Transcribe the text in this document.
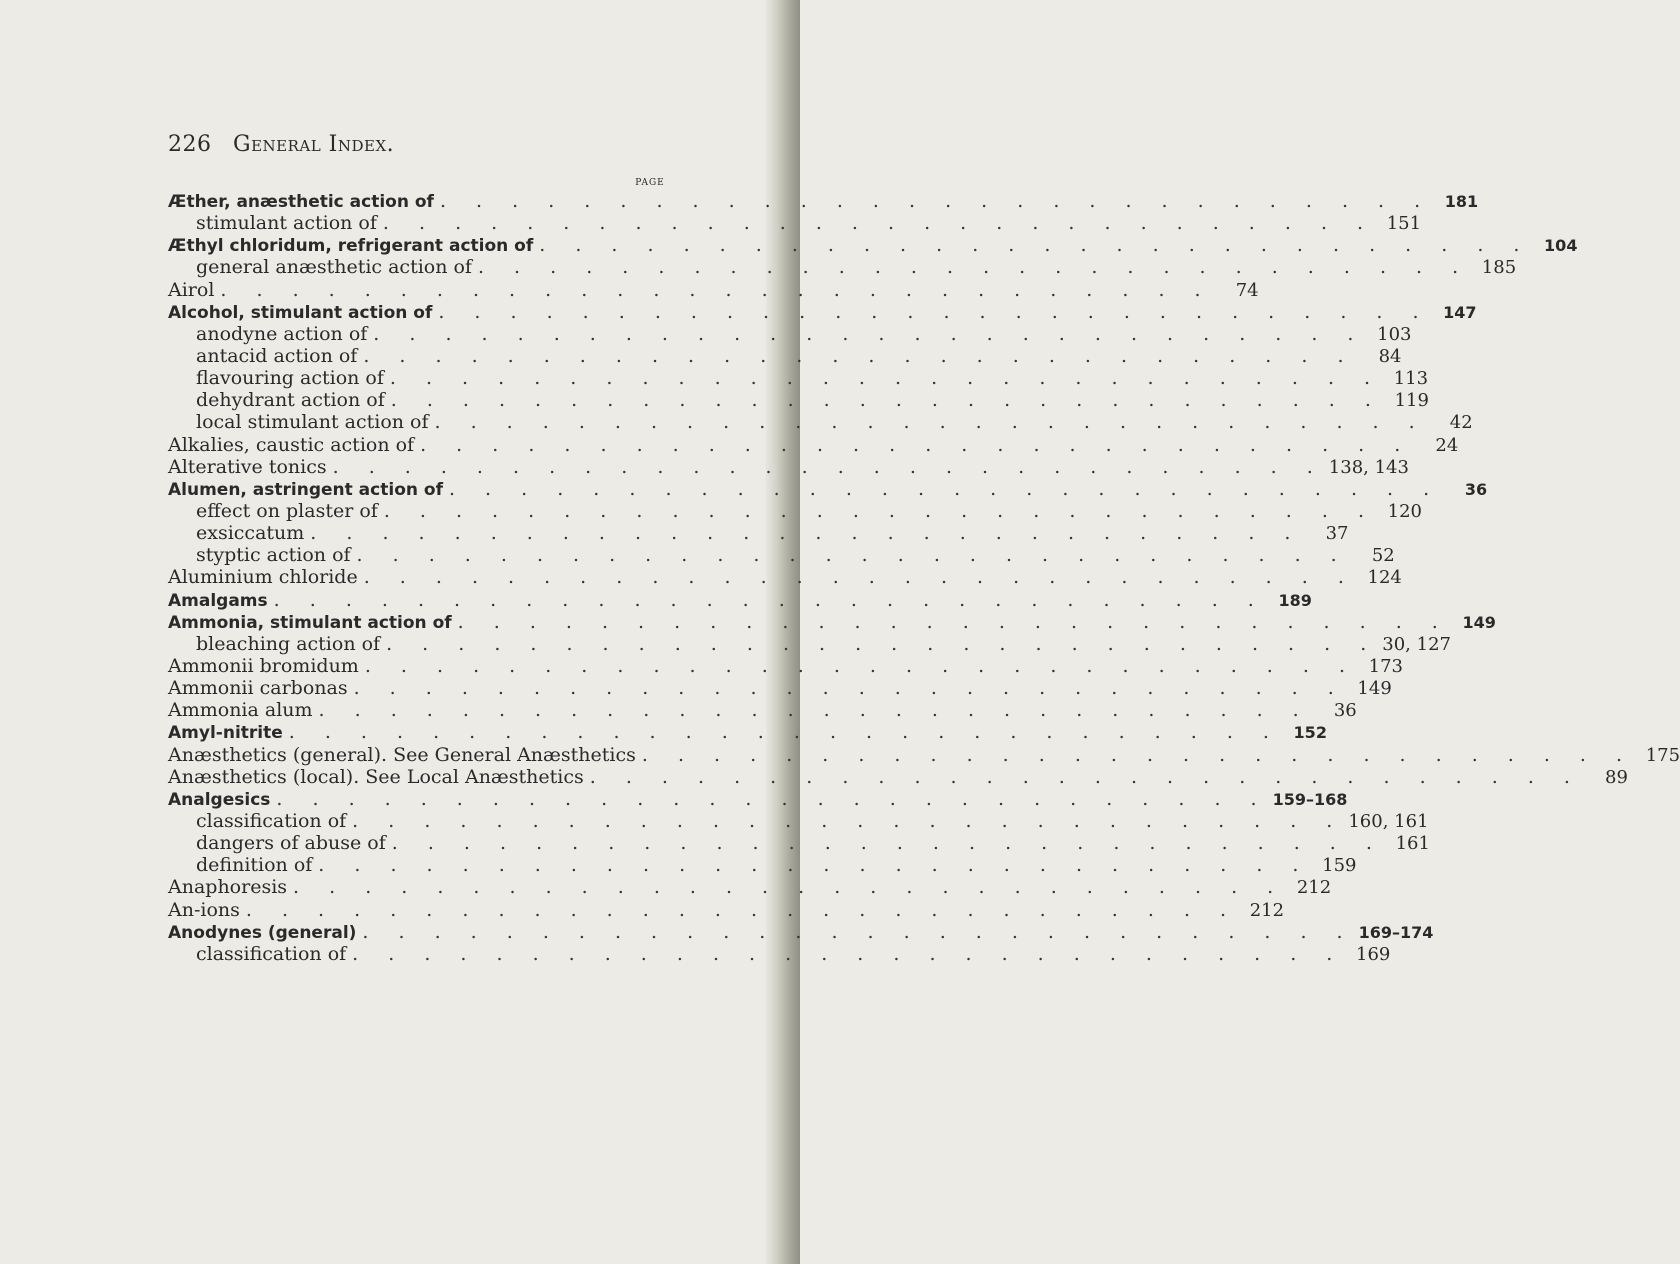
226 General Index.
PAGE
Æther, anæsthetic action of . . . . . . . . . . . . . . . . . . . . . . . . . . . . 181
stimulant action of . . . . . . . . . . . . . . . . . . . . . . . . . . . . 151
Æthyl chloridum, refrigerant action of . . . . . . . . . . . . . . . . . . . . . . . . . . . . 104
general anæsthetic action of . . . . . . . . . . . . . . . . . . . . . . . . . . . . 185
Airol . . . . . . . . . . . . . . . . . . . . . . . . . . . .	74
Alcohol, stimulant action of . . . . . . . . . . . . . . . . . . . . . . . . . . . . 147
anodyne action of . . . . . . . . . . . . . . . . . . . . . . . . . . . . 103
antacid action of . . . . . . . . . . . . . . . . . . . . . . . . . . . .	84
flavouring action of . . . . . . . . . . . . . . . . . . . . . . . . . . . . 113
dehydrant action of . . . . . . . . . . . . . . . . . . . . . . . . . . . . 119
local stimulant action of . . . . . . . . . . . . . . . . . . . . . . . . . . . .	42
Alkalies, caustic action of . . . . . . . . . . . . . . . . . . . . . . . . . . . .	24
Alterative tonics . . . . . . . . . . . . . . . . . . . . . . . . . . . . 138, 143
Alumen, astringent action of . . . . . . . . . . . . . . . . . . . . . . . . . . . .	36
effect on plaster of . . . . . . . . . . . . . . . . . . . . . . . . . . . . 120
exsiccatum . . . . . . . . . . . . . . . . . . . . . . . . . . . .	37
styptic action of . . . . . . . . . . . . . . . . . . . . . . . . . . . .	52
Aluminium chloride . . . . . . . . . . . . . . . . . . . . . . . . . . . . 124
Amalgams . . . . . . . . . . . . . . . . . . . . . . . . . . . . 189
Ammonia, stimulant action of . . . . . . . . . . . . . . . . . . . . . . . . . . . . 149
bleaching action of . . . . . . . . . . . . . . . . . . . . . . . . . . . . 30, 127
Ammonii bromidum . . . . . . . . . . . . . . . . . . . . . . . . . . . . 173
Ammonii carbonas . . . . . . . . . . . . . . . . . . . . . . . . . . . . 149
Ammonia alum . . . . . . . . . . . . . . . . . . . . . . . . . . . .	36
Amyl-nitrite . . . . . . . . . . . . . . . . . . . . . . . . . . . . 152
Anæsthetics (general). See General Anæsthetics . . . . . . . . . . . . . . . . . . . . . . . . . . . . 175
Anæsthetics (local). See Local Anæsthetics . . . . . . . . . . . . . . . . . . . . . . . . . . . .	89
Analgesics . . . . . . . . . . . . . . . . . . . . . . . . . . . . 159–168
classification of . . . . . . . . . . . . . . . . . . . . . . . . . . . . 160, 161
dangers of abuse of . . . . . . . . . . . . . . . . . . . . . . . . . . . . 161
definition of . . . . . . . . . . . . . . . . . . . . . . . . . . . . 159
Anaphoresis . . . . . . . . . . . . . . . . . . . . . . . . . . . . 212
An-ions . . . . . . . . . . . . . . . . . . . . . . . . . . . . 212
Anodynes (general) . . . . . . . . . . . . . . . . . . . . . . . . . . . . 169–174
classification of . . . . . . . . . . . . . . . . . . . . . . . . . . . . 169
